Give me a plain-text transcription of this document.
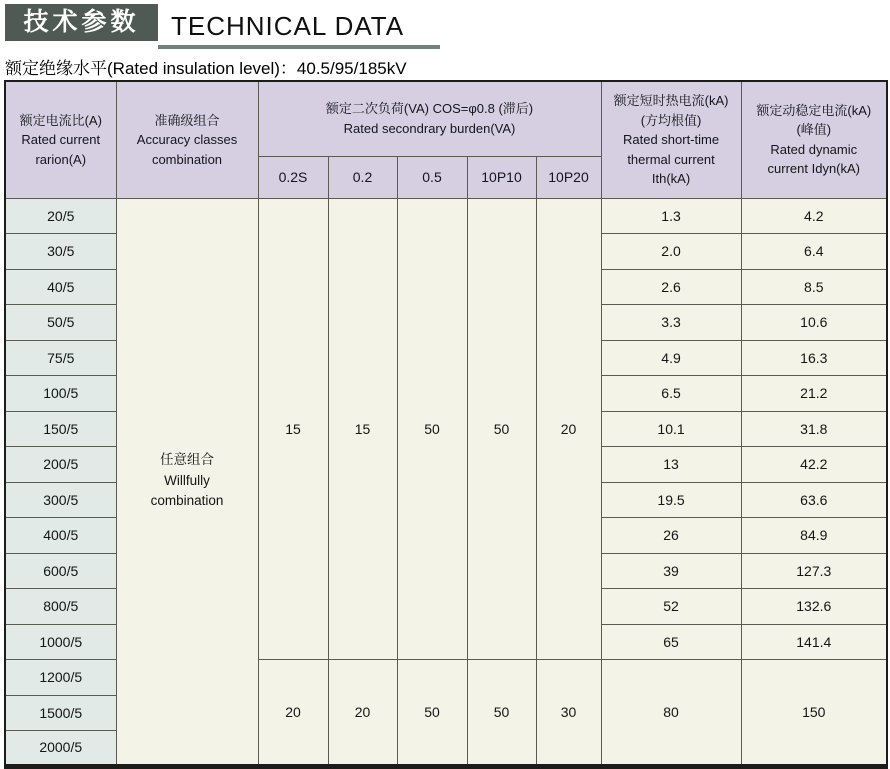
技术参数	TECHNICAL DATA
额定绝缘水平(Rated insulation level)：40.5/95/185kV
额定电流比(A)
Rated current
rarion(A)	准确级组合
Accuracy classes
combination	额定二次负荷(VA) COS=φ0.8 (滞后)
Rated secondrary burden(VA)					额定短时热电流(kA)
(方均根值)
Rated short-time
thermal current
Ith(kA)	额定动稳定电流(kA)
(峰值)
Rated dynamic
current Idyn(kA)

		0.2S	0.2	0.5	10P10	10P20		
20/5	任意组合
Willfully
combination	15	15	50	50	20	1.3	4.2
30/5							2.0	6.4
40/5							2.6	8.5
50/5							3.3	10.6
75/5							4.9	16.3
100/5							6.5	21.2
150/5							10.1	31.8
200/5							13	42.2
300/5							19.5	63.6
400/5							26	84.9
600/5							39	127.3
800/5							52	132.6
1000/5							65	141.4
1200/5		20	20	50	50	30	80	150
1500/5								
2000/5								
